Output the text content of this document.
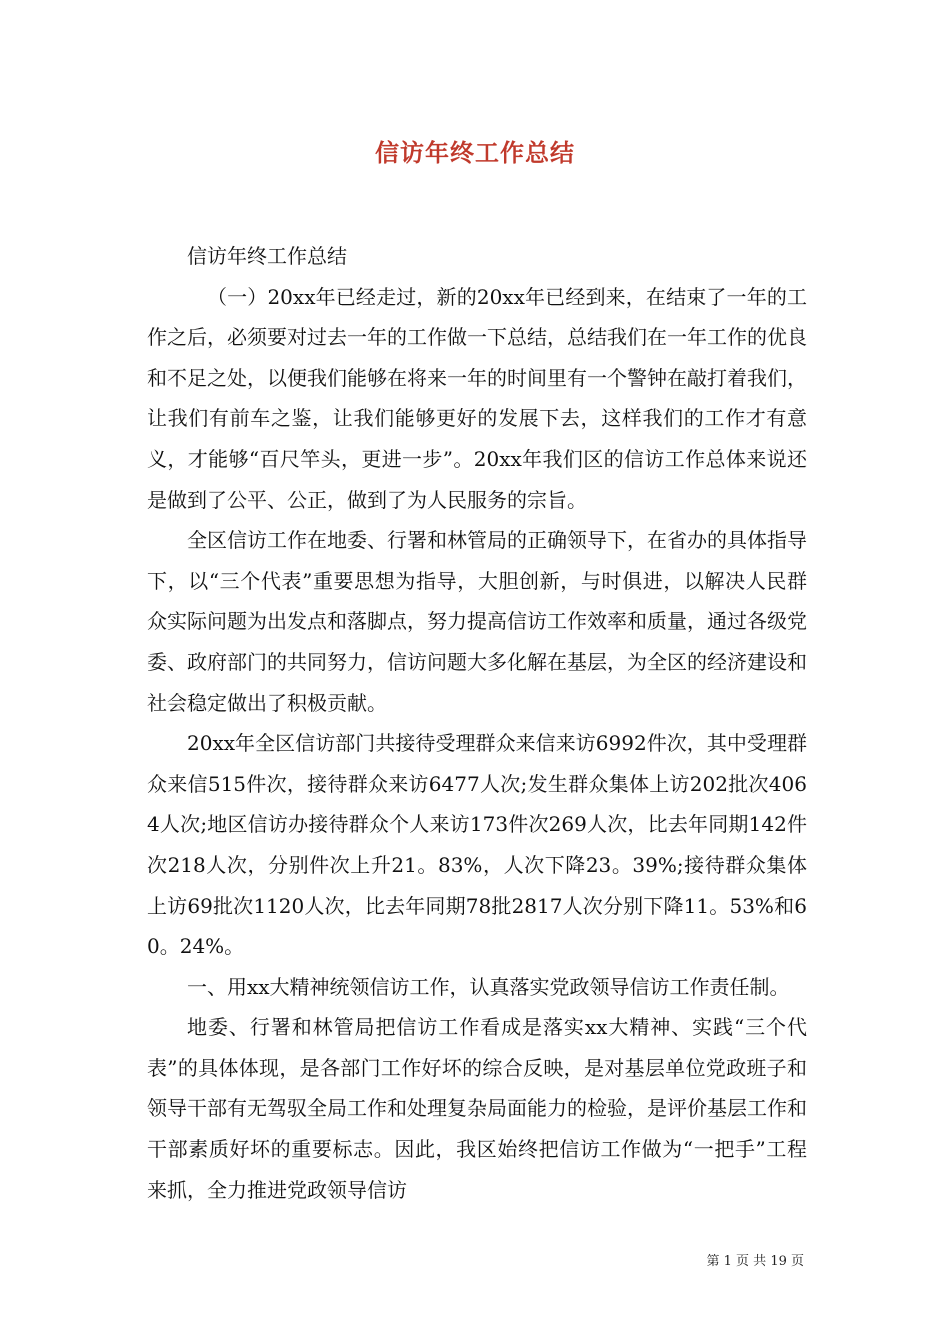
信访年终工作总结

信访年终工作总结

（一）20xx年已经走过，新的20xx年已经到来，在结束了一年的工作之后，必须要对过去一年的工作做一下总结，总结我们在一年工作的优良和不足之处，以便我们能够在将来一年的时间里有一个警钟在敲打着我们，让我们有前车之鉴，让我们能够更好的发展下去，这样我们的工作才有意义，才能够“百尺竿头，更进一步”。20xx年我们区的信访工作总体来说还是做到了公平、公正，做到了为人民服务的宗旨。

全区信访工作在地委、行署和林管局的正确领导下，在省办的具体指导下，以“三个代表”重要思想为指导，大胆创新，与时俱进，以解决人民群众实际问题为出发点和落脚点，努力提高信访工作效率和质量，通过各级党委、政府部门的共同努力，信访问题大多化解在基层，为全区的经济建设和社会稳定做出了积极贡献。

20xx年全区信访部门共接待受理群众来信来访6992件次，其中受理群众来信515件次，接待群众来访6477人次;发生群众集体上访202批次4064人次;地区信访办接待群众个人来访173件次269人次，比去年同期142件次218人次，分别件次上升21。83%，人次下降23。39%;接待群众集体上访69批次1120人次，比去年同期78批2817人次分别下降11。53%和60。24%。

一、用xx大精神统领信访工作，认真落实党政领导信访工作责任制。

地委、行署和林管局把信访工作看成是落实xx大精神、实践“三个代表”的具体体现，是各部门工作好坏的综合反映，是对基层单位党政班子和领导干部有无驾驭全局工作和处理复杂局面能力的检验，是评价基层工作和干部素质好坏的重要标志。因此，我区始终把信访工作做为“一把手”工程来抓，全力推进党政领导信访

第 1 页 共 19 页
